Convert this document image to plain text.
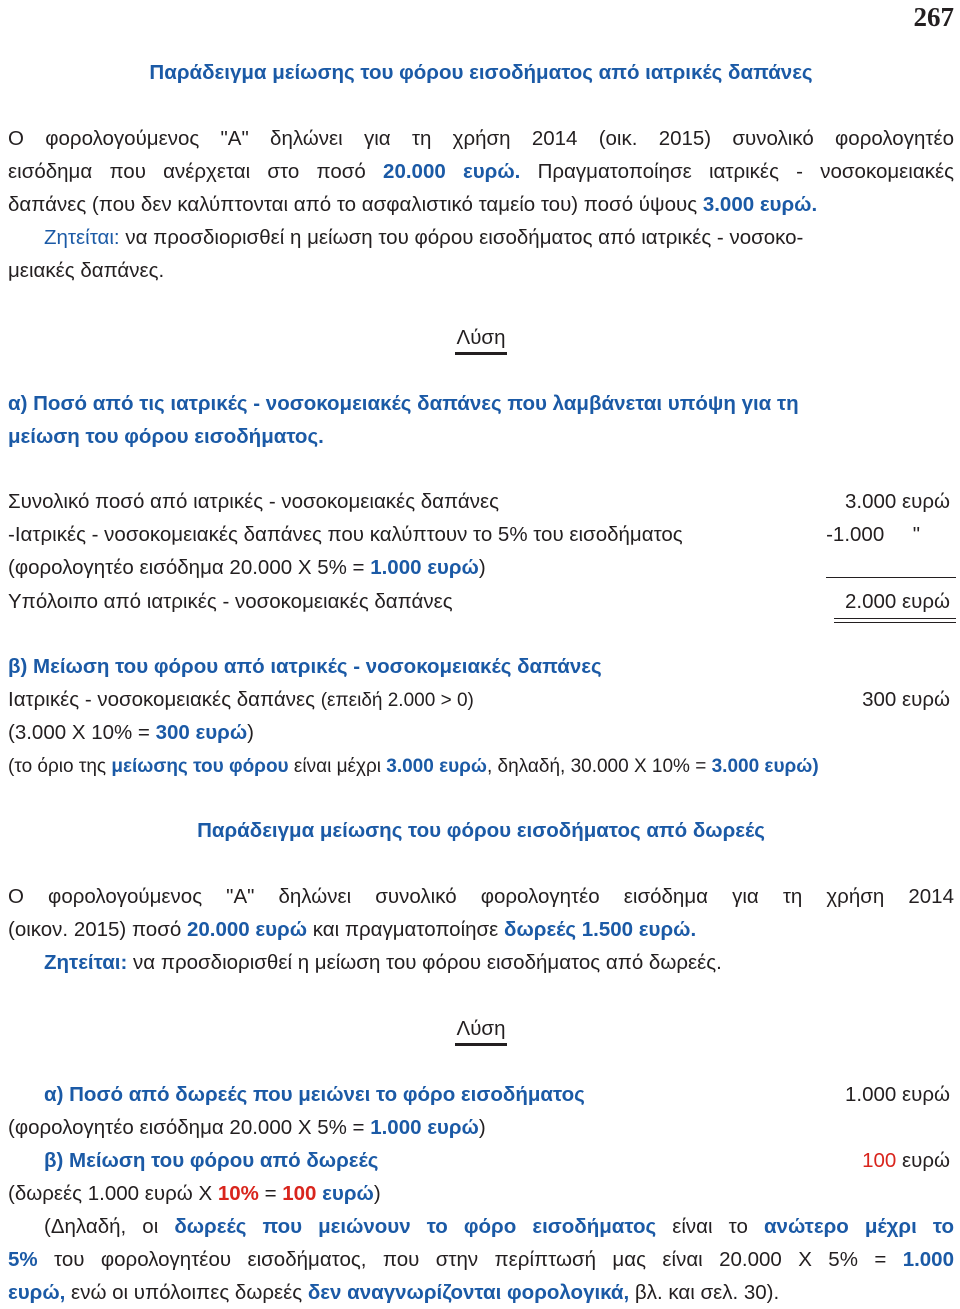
267
Παράδειγμα μείωσης του φόρου εισοδήματος από ιατρικές δαπάνες
Ο φορολογούμενος "Α" δηλώνει για τη χρήση 2014 (οικ. 2015) συνολικό φορολογητέο
εισόδημα που ανέρχεται στο ποσό 20.000 ευρώ. Πραγματοποίησε ιατρικές - νοσοκομειακές
δαπάνες (που δεν καλύπτονται από το ασφαλιστικό ταμείο του) ποσό ύψους 3.000 ευρώ.
Ζητείται: να προσδιορισθεί η μείωση του φόρου εισοδήματος από ιατρικές - νοσοκο-
μειακές δαπάνες.
Λύση
α) Ποσό από τις ιατρικές - νοσοκομειακές δαπάνες που λαμβάνεται υπόψη για τη
μείωση του φόρου εισοδήματος.
Συνολικό ποσό από ιατρικές - νοσοκομειακές δαπάνες	3.000 ευρώ
-Ιατρικές - νοσοκομειακές δαπάνες που καλύπτουν το 5% του εισοδήματος	-1.000     "
(φορολογητέο εισόδημα 20.000 Χ 5% = 1.000 ευρώ)
Υπόλοιπο από ιατρικές - νοσοκομειακές δαπάνες	2.000 ευρώ
β) Μείωση του φόρου από ιατρικές - νοσοκομειακές δαπάνες
Ιατρικές - νοσοκομειακές δαπάνες (επειδή 2.000 > 0)	300 ευρώ
(3.000 Χ 10% = 300 ευρώ)
(το όριο της μείωσης του φόρου είναι μέχρι 3.000 ευρώ, δηλαδή, 30.000 Χ 10% = 3.000 ευρώ)
Παράδειγμα μείωσης του φόρου εισοδήματος από δωρεές
Ο φορολογούμενος "Α" δηλώνει συνολικό φορολογητέο εισόδημα για τη χρήση 2014
(οικον. 2015) ποσό 20.000 ευρώ και πραγματοποίησε δωρεές 1.500 ευρώ.
Ζητείται: να προσδιορισθεί η μείωση του φόρου εισοδήματος από δωρεές.
Λύση
α) Ποσό από δωρεές που μειώνει το φόρο εισοδήματος	1.000 ευρώ
(φορολογητέο εισόδημα 20.000 Χ 5% = 1.000 ευρώ)
β) Μείωση του φόρου από δωρεές	100 ευρώ
(δωρεές 1.000 ευρώ Χ 10% = 100 ευρώ)
(Δηλαδή, οι δωρεές που μειώνουν το φόρο εισοδήματος είναι το ανώτερο μέχρι το
5% του φορολογητέου εισοδήματος, που στην περίπτωσή μας είναι 20.000 Χ 5% = 1.000
ευρώ, ενώ οι υπόλοιπες δωρεές δεν αναγνωρίζονται φορολογικά, βλ. και σελ. 30).
